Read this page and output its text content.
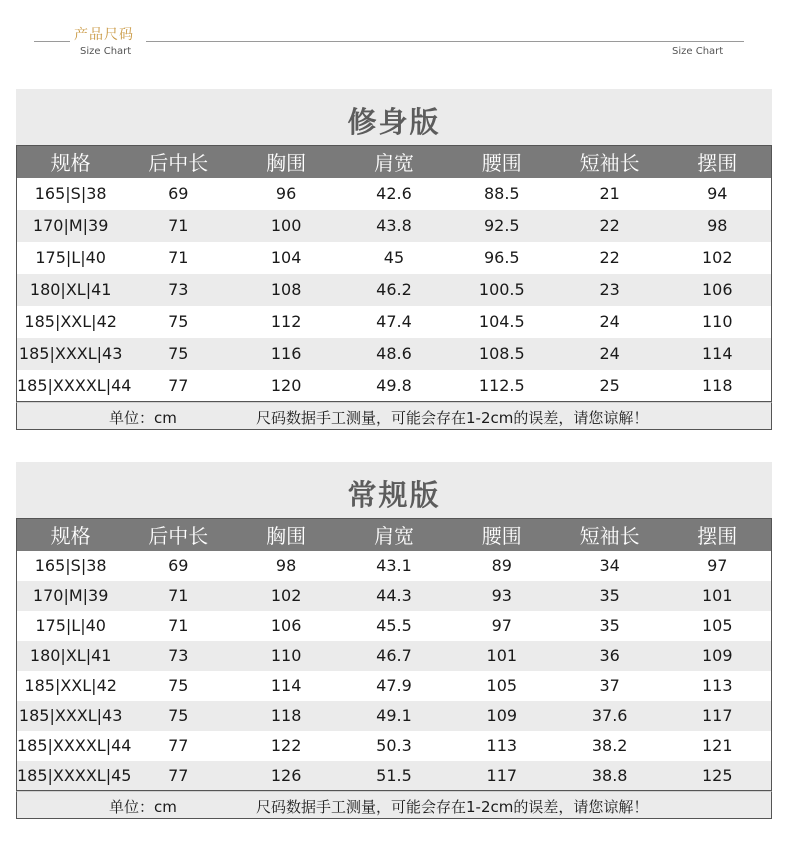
产品尺码
Size Chart	Size Chart
修身版
规格	后中长	胸围	肩宽	腰围	短袖长	摆围
165|S|38	69	96	42.6	88.5	21	94
170|M|39	71	100	43.8	92.5	22	98
175|L|40	71	104	45	96.5	22	102
180|XL|41	73	108	46.2	100.5	23	106
185|XXL|42	75	112	47.4	104.5	24	110
185|XXXL|43	75	116	48.6	108.5	24	114
185|XXXXL|44	77	120	49.8	112.5	25	118
单位：cm	尺码数据手工测量，可能会存在1-2cm的误差，请您谅解！
常规版
规格	后中长	胸围	肩宽	腰围	短袖长	摆围
165|S|38	69	98	43.1	89	34	97
170|M|39	71	102	44.3	93	35	101
175|L|40	71	106	45.5	97	35	105
180|XL|41	73	110	46.7	101	36	109
185|XXL|42	75	114	47.9	105	37	113
185|XXXL|43	75	118	49.1	109	37.6	117
185|XXXXL|44	77	122	50.3	113	38.2	121
185|XXXXL|45	77	126	51.5	117	38.8	125
单位：cm	尺码数据手工测量，可能会存在1-2cm的误差，请您谅解！
